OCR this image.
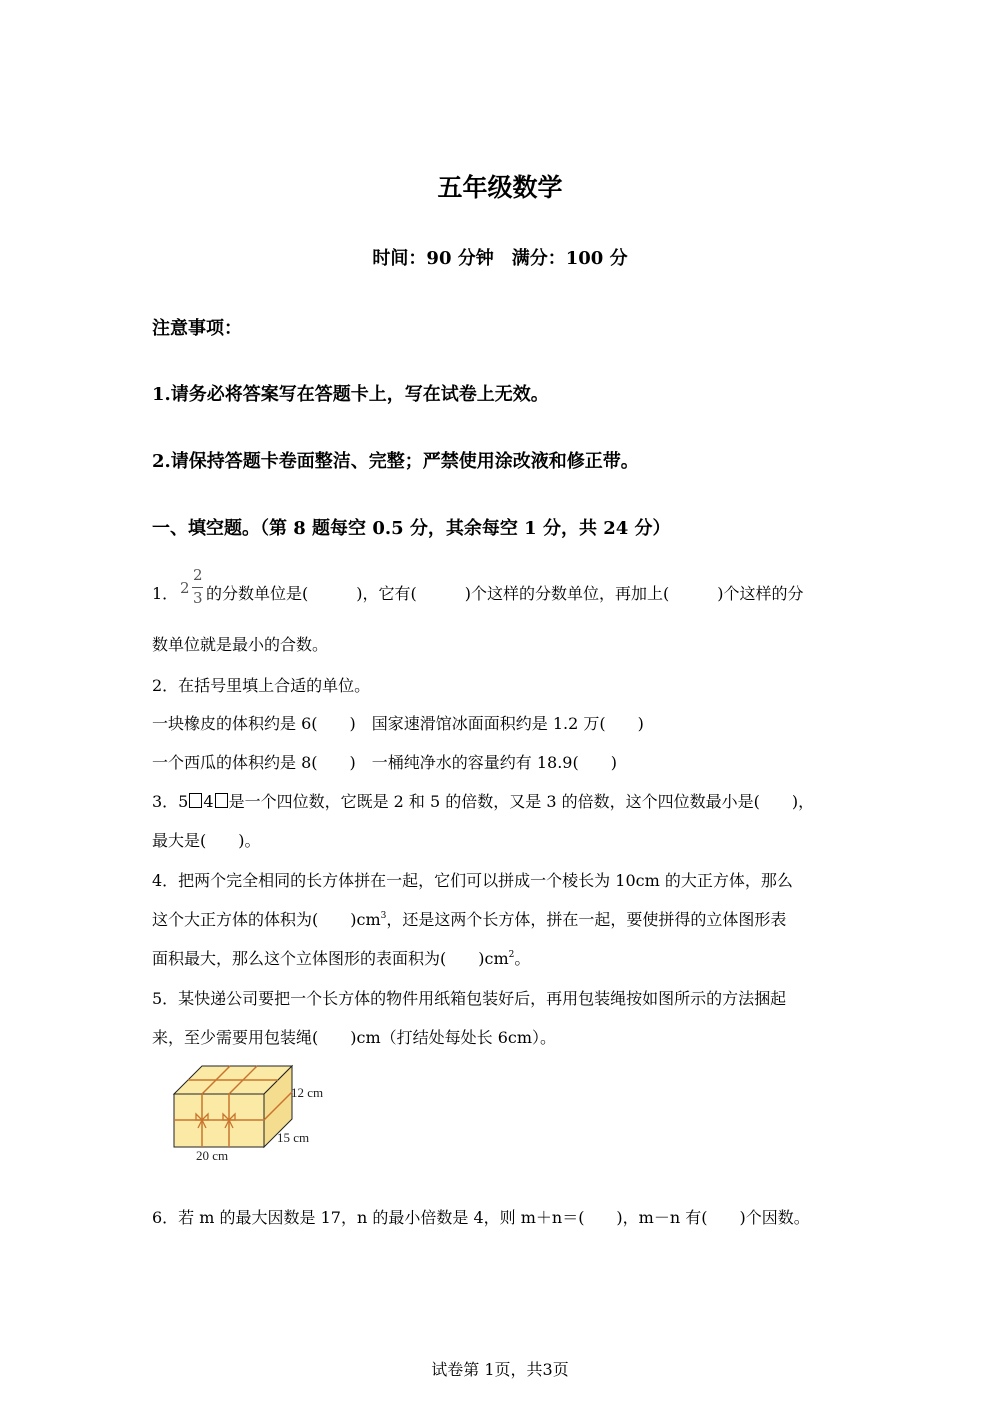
五年级数学
时间：90 分钟　满分：100 分
注意事项：
1.请务必将答案写在答题卡上，写在试卷上无效。
2.请保持答题卡卷面整洁、完整；严禁使用涂改液和修正带。
一、填空题。（第 8 题每空 0.5 分，其余每空 1 分，共 24 分）
1． 2
2
3 的分数单位是(　　　)，它有(　　　)个这样的分数单位，再加上(　　　)个这样的分
数单位就是最小的合数。
2．在括号里填上合适的单位。
一块橡皮的体积约是 6(　　)　国家速滑馆冰面面积约是 1.2 万(　　)
一个西瓜的体积约是 8(　　)　一桶纯净水的容量约有 18.9(　　)
3．5 4 是一个四位数，它既是 2 和 5 的倍数，又是 3 的倍数，这个四位数最小是(　　)，
最大是(　　)。
4．把两个完全相同的长方体拼在一起，它们可以拼成一个棱长为 10cm 的大正方体，那么
这个大正方体的体积为(　　)$cm^3$，还是这两个长方体，拼在一起，要使拼得的立体图形表
面积最大，那么这个立体图形的表面积为(　　)$cm^2$。
5．某快递公司要把一个长方体的物件用纸箱包装好后，再用包装绳按如图所示的方法捆起
来，至少需要用包装绳(　　)cm（打结处每处长 6cm）。
12 cm
15 cm
20 cm
6．若 m 的最大因数是 17，n 的最小倍数是 4，则 m＋n＝(　　)，m－n 有(　　)个因数。
试卷第 1页，共3页
